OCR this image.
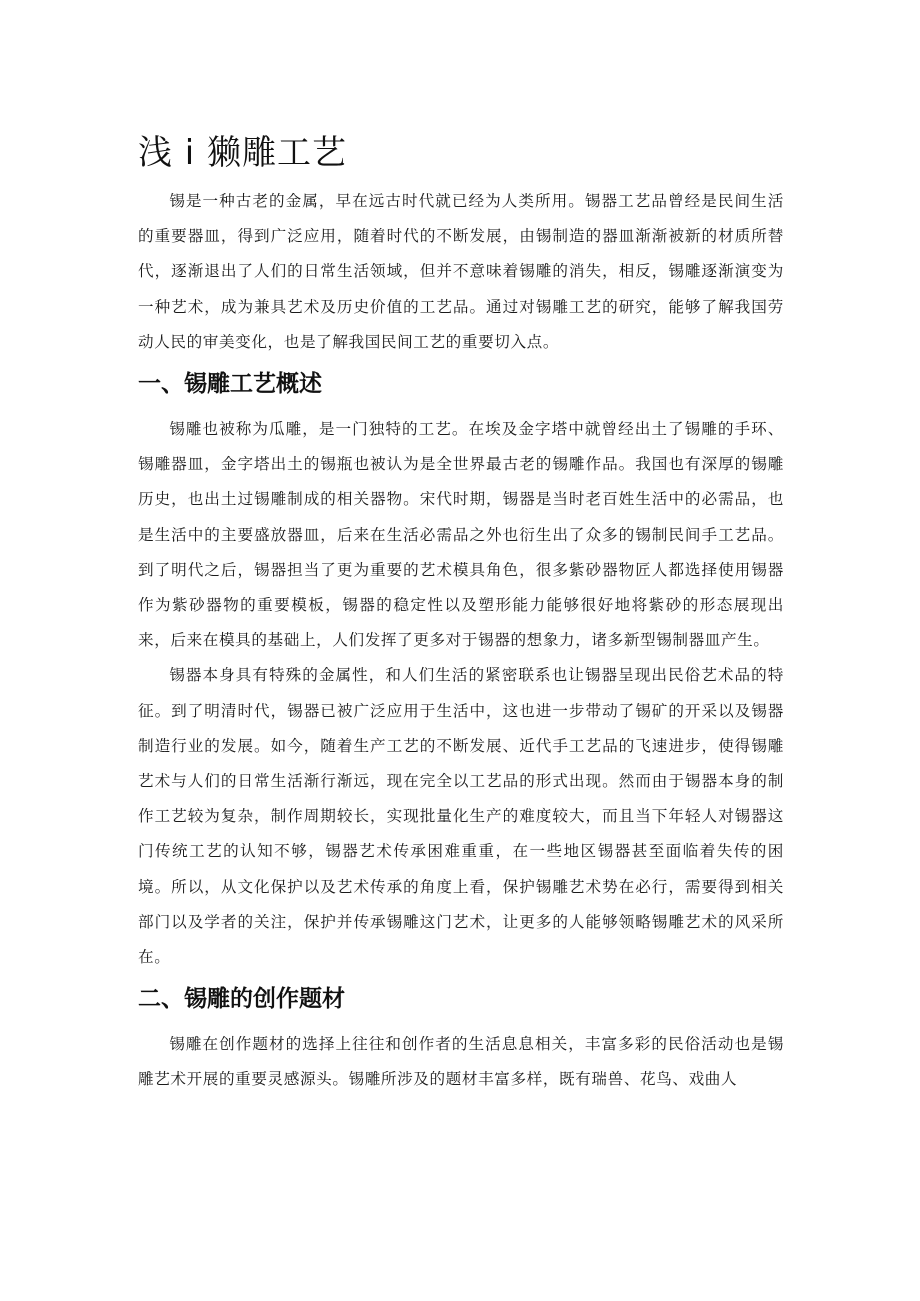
浅 i 獭雕工艺

锡是一种古老的金属，早在远古时代就已经为人类所用。锡器工艺品曾经是民间生活的重要器皿，得到广泛应用，随着时代的不断发展，由锡制造的器皿渐渐被新的材质所替代，逐渐退出了人们的日常生活领域，但并不意味着锡雕的消失，相反，锡雕逐渐演变为一种艺术，成为兼具艺术及历史价值的工艺品。通过对锡雕工艺的研究，能够了解我国劳动人民的审美变化，也是了解我国民间工艺的重要切入点。

一、锡雕工艺概述

锡雕也被称为瓜雕，是一门独特的工艺。在埃及金字塔中就曾经出土了锡雕的手环、锡雕器皿，金字塔出土的锡瓶也被认为是全世界最古老的锡雕作品。我国也有深厚的锡雕历史，也出土过锡雕制成的相关器物。宋代时期，锡器是当时老百姓生活中的必需品，也是生活中的主要盛放器皿，后来在生活必需品之外也衍生出了众多的锡制民间手工艺品。到了明代之后，锡器担当了更为重要的艺术模具角色，很多紫砂器物匠人都选择使用锡器作为紫砂器物的重要模板，锡器的稳定性以及塑形能力能够很好地将紫砂的形态展现出来，后来在模具的基础上，人们发挥了更多对于锡器的想象力，诸多新型锡制器皿产生。

锡器本身具有特殊的金属性，和人们生活的紧密联系也让锡器呈现出民俗艺术品的特征。到了明清时代，锡器已被广泛应用于生活中，这也进一步带动了锡矿的开采以及锡器制造行业的发展。如今，随着生产工艺的不断发展、近代手工艺品的飞速进步，使得锡雕艺术与人们的日常生活渐行渐远，现在完全以工艺品的形式出现。然而由于锡器本身的制作工艺较为复杂，制作周期较长，实现批量化生产的难度较大，而且当下年轻人对锡器这门传统工艺的认知不够，锡器艺术传承困难重重，在一些地区锡器甚至面临着失传的困境。所以，从文化保护以及艺术传承的角度上看，保护锡雕艺术势在必行，需要得到相关部门以及学者的关注，保护并传承锡雕这门艺术，让更多的人能够领略锡雕艺术的风采所在。

二、锡雕的创作题材

锡雕在创作题材的选择上往往和创作者的生活息息相关，丰富多彩的民俗活动也是锡雕艺术开展的重要灵感源头。锡雕所涉及的题材丰富多样，既有瑞兽、花鸟、戏曲人
